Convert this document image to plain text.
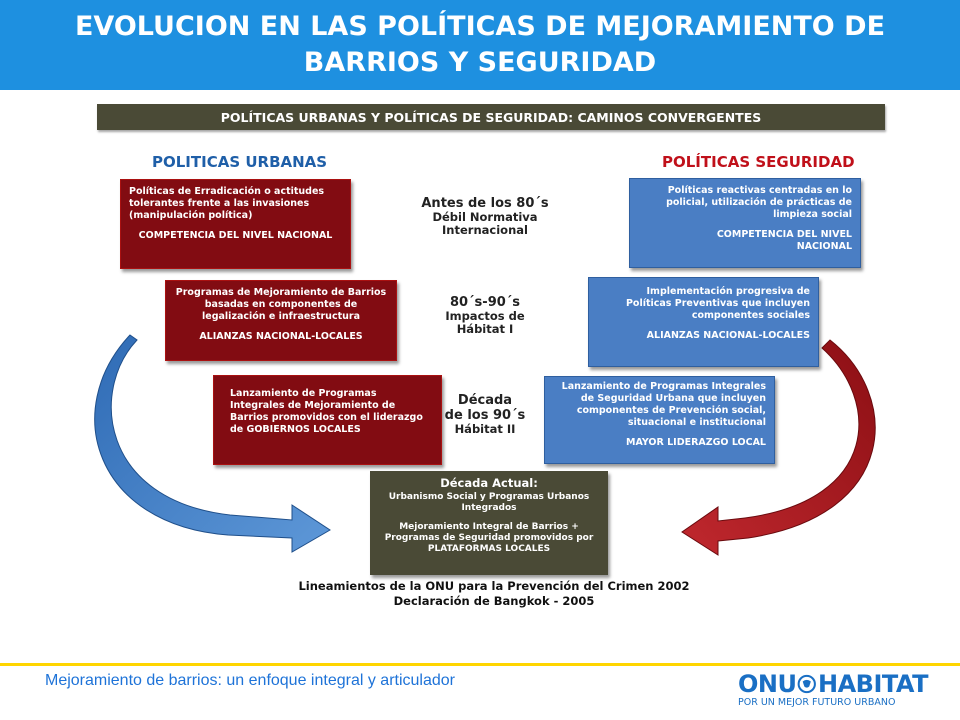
EVOLUCION EN LAS POLÍTICAS DE MEJORAMIENTO DE BARRIOS Y SEGURIDAD
POLÍTICAS URBANAS Y POLÍTICAS DE SEGURIDAD: CAMINOS CONVERGENTES
POLITICAS URBANAS	POLÍTICAS SEGURIDAD

Políticas de Erradicación o actitudes tolerantes frente a las invasiones (manipulación política)

COMPETENCIA DEL NIVEL NACIONAL

Programas de Mejoramiento de Barrios basadas en componentes de legalización e infraestructura

ALIANZAS NACIONAL-LOCALES

Lanzamiento de Programas Integrales de Mejoramiento de Barrios promovidos con el liderazgo de GOBIERNOS LOCALES

Políticas reactivas centradas en lo policial, utilización de prácticas de limpieza social

COMPETENCIA DEL NIVEL NACIONAL

Implementación progresiva de Políticas Preventivas que incluyen componentes sociales

ALIANZAS NACIONAL-LOCALES

Lanzamiento de Programas Integrales de Seguridad Urbana que incluyen componentes de Prevención social, situacional e institucional

MAYOR LIDERAZGO LOCAL

Antes de los 80´s
Débil Normativa
Internacional
80´s-90´s
Impactos de
Hábitat I
Década
de los 90´s
Hábitat II
Década Actual:
Urbanismo Social y Programas Urbanos Integrados
Mejoramiento Integral de Barrios + Programas de Seguridad promovidos por PLATAFORMAS LOCALES
Lineamientos de la ONU para la Prevención del Crimen 2002
Declaración de Bangkok - 2005
Mejoramiento de barrios: un enfoque integral y articulador	ONU HABITAT
POR UN MEJOR FUTURO URBANO
